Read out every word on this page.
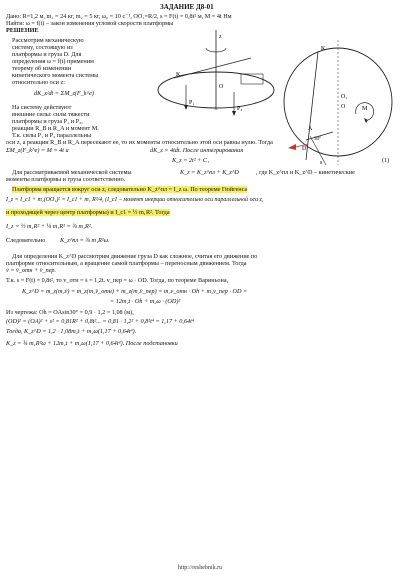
ЗАДАНИЕ Д8-01
Дано: R=1,2 м, m₁ = 24 кг, m₂ = 5 кг, ω₀ = 10 c⁻¹, OO₁=R/2, s = F(t) = 0,8t² м, M = 4t Нм
Найти: ω = f(t) – закон изменения угловой скорости платформы
РЕШЕНИЕ
Рассмотрим механическую
систему, состоящую из
платформы и груза D. Для
определения ω = f(t) применим
теорему об изменении
кинетического момента системы
относительно оси z:
dK_z/dt = ΣM_z(F_k^e)
На систему действуют
внешние силы: силы тяжести
платформы и груза P₁ и P₂,
реакции R_B и R_A и момент M.
Т.к. силы P₁ и P₂ параллельны
оси z, а реакции R_B и R_A пересекают ее, то их моменты относительно этой оси равны нулю. Тогда
ΣM_z(F_k^e) = M = 4t и	dK_z = 4tdt. После интегрирования
K_z = 2t² + C₁	(1)
Для рассматриваемой механической системы	K_z = K_z^пл + K_z^D	, где K_z^пл и K_z^D – кинетические
моменты платформы и груза соответственно.
Платформа вращается вокруг оси z, следовательно K_z^пл = I_z ω. По теореме Гюйгенса
I_z = I_c1 + m₁(OO₁)² = I_c1 + m₁ R²/4, (I_c1 – момент инерции относительно оси параллельной оси z,
и проходящей через центр платформы) и I_c1 = ½ m₁R². Тогда
I_z = ½ m₁R² + ¼ m₁R² = ¾ m₁R².
Следовательно K_z^пл = ¾ m₁R²ω.
Для определения K_z^D рассмотрим движение груза D как сложное, считая его движение по
платформе относительным, а вращение самой платформы – переносным движением. Тогда
v̄ = v̄_отн + v̄_пер.
Т.к. s = F(t) = 0,8t², то v_отн = ṡ = 1,2t. v_пер = ω · OD. Тогда, по теореме Вариньона,
K_z^D = m_z(m₂v̄) = m_z(m₂v̄_отн) + m_z(m₂v̄_пер) = m₂v_отн · Oh + m₂v_пер · OD =
= 12m₂t · Oh + m₂ω · (OD)²
Из чертежа: Oh = OAsin30° = 0,9 · 1,2 = 1,08 (м),
(OD)² = (OA)² + s² = 0,81R² + 0,8t²... = 0,81 · 1,2² + 0,8²t⁴ = 1,17 + 0,64t⁴
Тогда, K_z^D = 1,2 · 1,08m₂t + m₂ω(1,17 + 0,64t⁴).
K_z = ¾ m₁R²ω + 12m₂t + m₂ω(1,17 + 0,64t⁴). После подстановки
z
K
O
P₁
P₂
K
O
O₁
A
D
M
30°
s
http://reshebnik.ru
